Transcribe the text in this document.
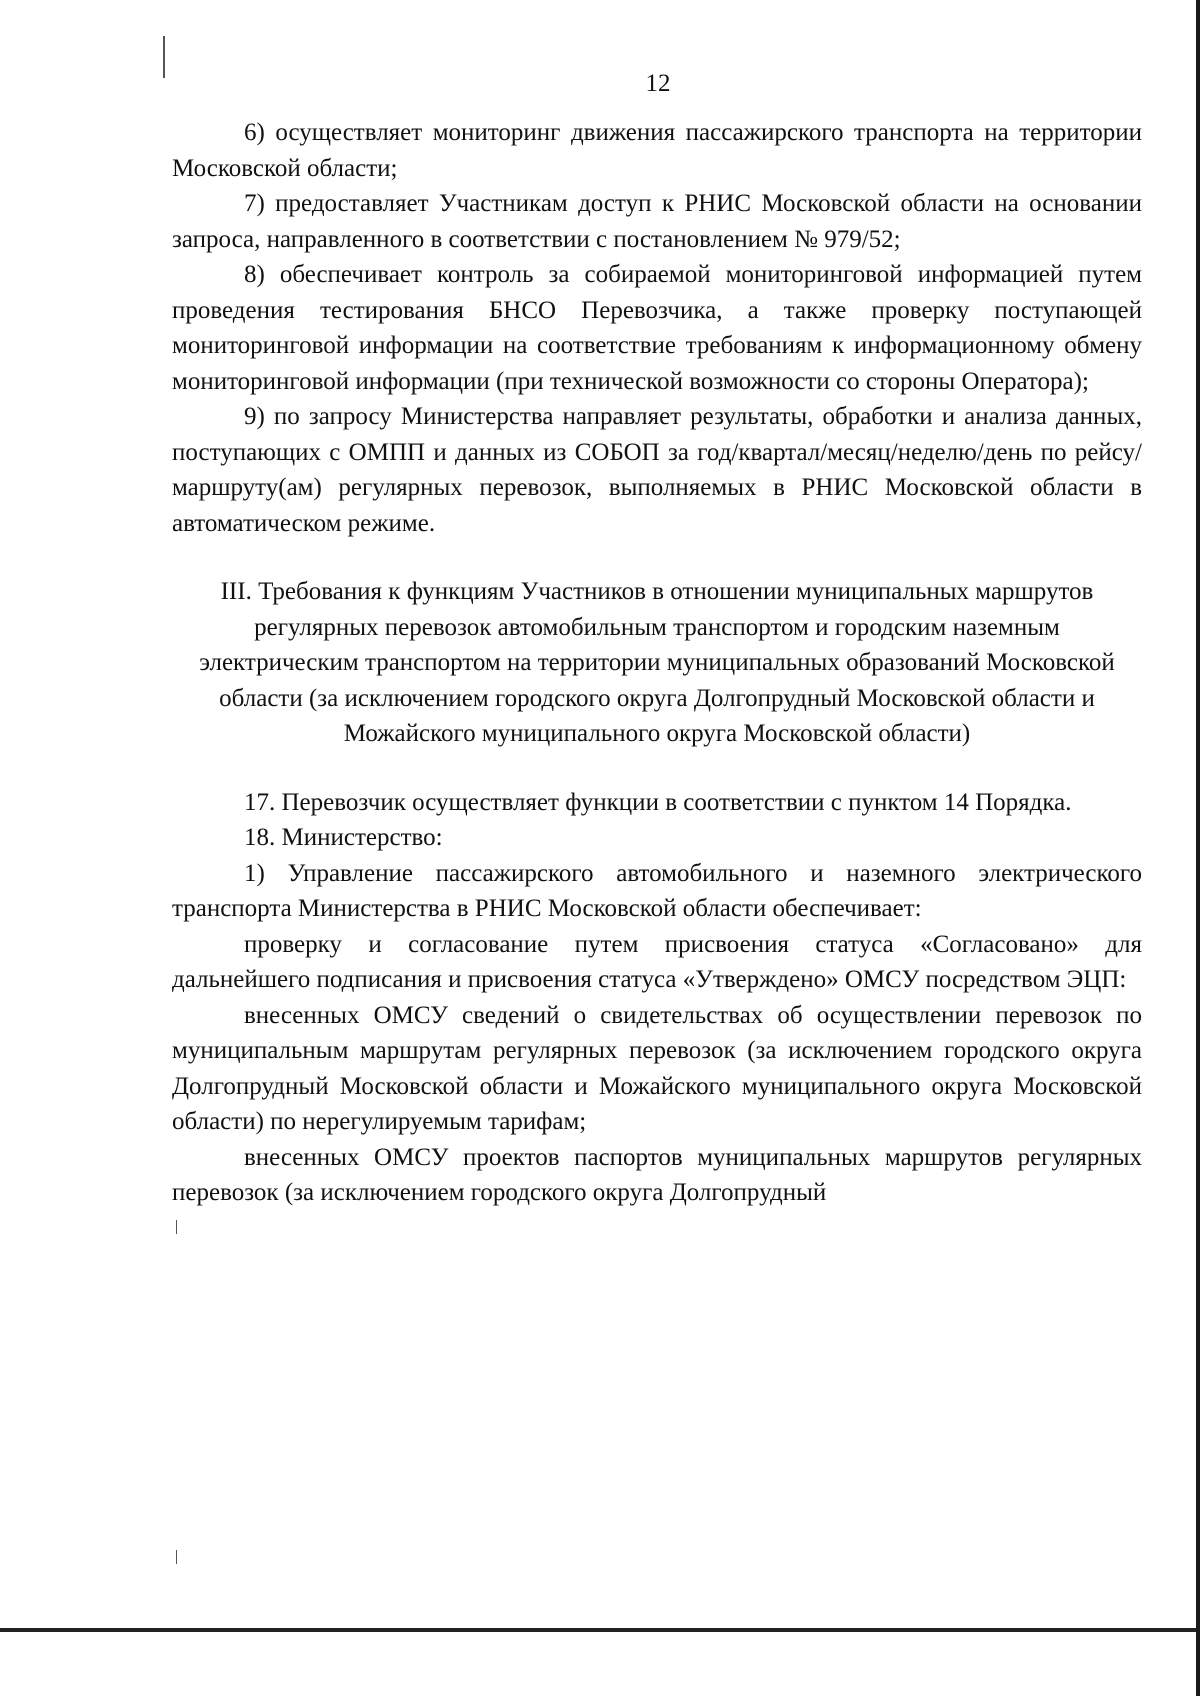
12

6) осуществляет мониторинг движения пассажирского транспорта на территории Московской области;

7) предоставляет Участникам доступ к РНИС Московской области на основании запроса, направленного в соответствии с постановлением № 979/52;

8) обеспечивает контроль за собираемой мониторинговой информацией путем проведения тестирования БНСО Перевозчика, а также проверку поступающей мониторинговой информации на соответствие требованиям к информационному обмену мониторинговой информации (при технической возможности со стороны Оператора);

9) по запросу Министерства направляет результаты, обработки и анализа данных, поступающих с ОМПП и данных из СОБОП за год/квартал/месяц/неделю/день по рейсу/маршруту(ам) регулярных перевозок, выполняемых в РНИС Московской области в автоматическом режиме.

III. Требования к функциям Участников в отношении муниципальных маршрутов регулярных перевозок автомобильным транспортом и городским наземным электрическим транспортом на территории муниципальных образований Московской области (за исключением городского округа Долгопрудный Московской области и Можайского муниципального округа Московской области)

17. Перевозчик осуществляет функции в соответствии с пунктом 14 Порядка.

18. Министерство:

1) Управление пассажирского автомобильного и наземного электрического транспорта Министерства в РНИС Московской области обеспечивает:

проверку и согласование путем присвоения статуса «Согласовано» для дальнейшего подписания и присвоения статуса «Утверждено» ОМСУ посредством ЭЦП:

внесенных ОМСУ сведений о свидетельствах об осуществлении перевозок по муниципальным маршрутам регулярных перевозок (за исключением городского округа Долгопрудный Московской области и Можайского муниципального округа Московской области) по нерегулируемым тарифам;

внесенных ОМСУ проектов паспортов муниципальных маршрутов регулярных перевозок (за исключением городского округа Долгопрудный
